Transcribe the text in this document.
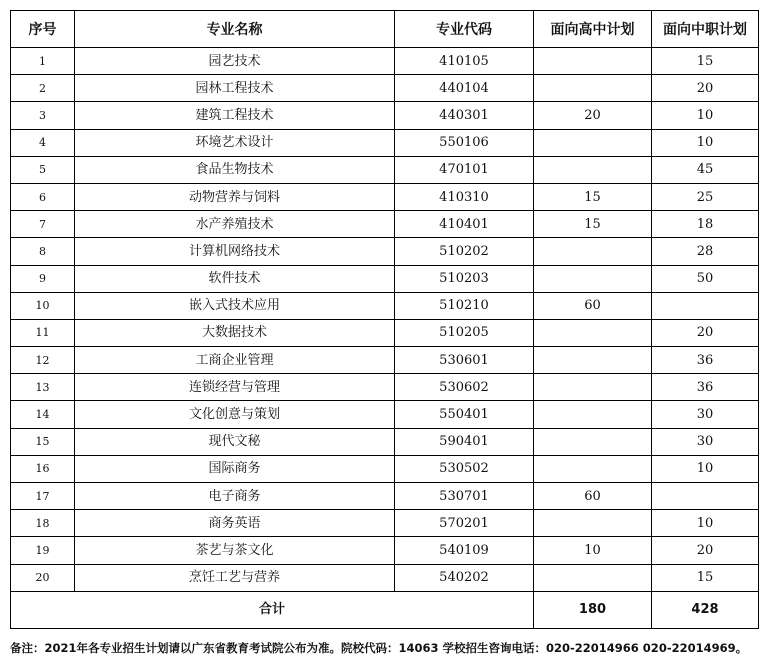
序号	专业名称	专业代码	面向高中计划	面向中职计划
1	园艺技术	410105		15
2	园林工程技术	440104		20
3	建筑工程技术	440301	20	10
4	环境艺术设计	550106		10
5	食品生物技术	470101		45
6	动物营养与饲料	410310	15	25
7	水产养殖技术	410401	15	18
8	计算机网络技术	510202		28
9	软件技术	510203		50
10	嵌入式技术应用	510210	60	
11	大数据技术	510205		20
12	工商企业管理	530601		36
13	连锁经营与管理	530602		36
14	文化创意与策划	550401		30
15	现代文秘	590401		30
16	国际商务	530502		10
17	电子商务	530701	60	
18	商务英语	570201		10
19	茶艺与茶文化	540109	10	20
20	烹饪工艺与营养	540202		15
合计			180	428
备注：2021年各专业招生计划请以广东省教育考试院公布为准。院校代码：14063 学校招生咨询电话：020-22014966 020-22014969。
